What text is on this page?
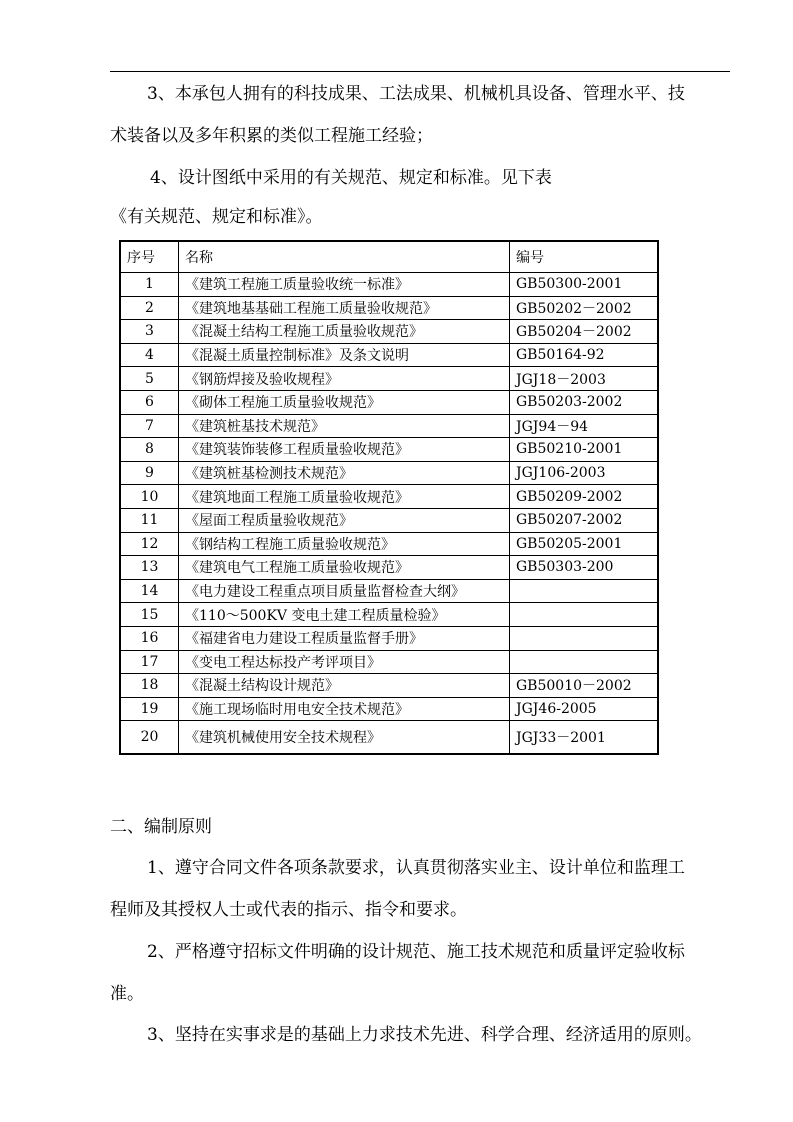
3、本承包人拥有的科技成果、工法成果、机械机具设备、管理水平、技

术装备以及多年积累的类似工程施工经验；

4、设计图纸中采用的有关规范、规定和标准。见下表

《有关规范、规定和标准》。

序号	名称	编号
1	《建筑工程施工质量验收统一标准》	GB50300-2001
2	《建筑地基基础工程施工质量验收规范》	GB50202－2002
3	《混凝土结构工程施工质量验收规范》	GB50204－2002
4	《混凝土质量控制标准》及条文说明	GB50164-92
5	《钢筋焊接及验收规程》	JGJ18－2003
6	《砌体工程施工质量验收规范》	GB50203-2002
7	《建筑桩基技术规范》	JGJ94－94
8	《建筑装饰装修工程质量验收规范》	GB50210-2001
9	《建筑桩基检测技术规范》	JGJ106-2003
10	《建筑地面工程施工质量验收规范》	GB50209-2002
11	《屋面工程质量验收规范》	GB50207-2002
12	《钢结构工程施工质量验收规范》	GB50205-2001
13	《建筑电气工程施工质量验收规范》	GB50303-200
14	《电力建设工程重点项目质量监督检查大纲》	
15	《110～500KV 变电土建工程质量检验》	
16	《福建省电力建设工程质量监督手册》	
17	《变电工程达标投产考评项目》	
18	《混凝土结构设计规范》	GB50010－2002
19	《施工现场临时用电安全技术规范》	JGJ46-2005
20	《建筑机械使用安全技术规程》	JGJ33－2001

二、编制原则

1、遵守合同文件各项条款要求，认真贯彻落实业主、设计单位和监理工

程师及其授权人士或代表的指示、指令和要求。

2、严格遵守招标文件明确的设计规范、施工技术规范和质量评定验收标

准。

3、坚持在实事求是的基础上力求技术先进、科学合理、经济适用的原则。
